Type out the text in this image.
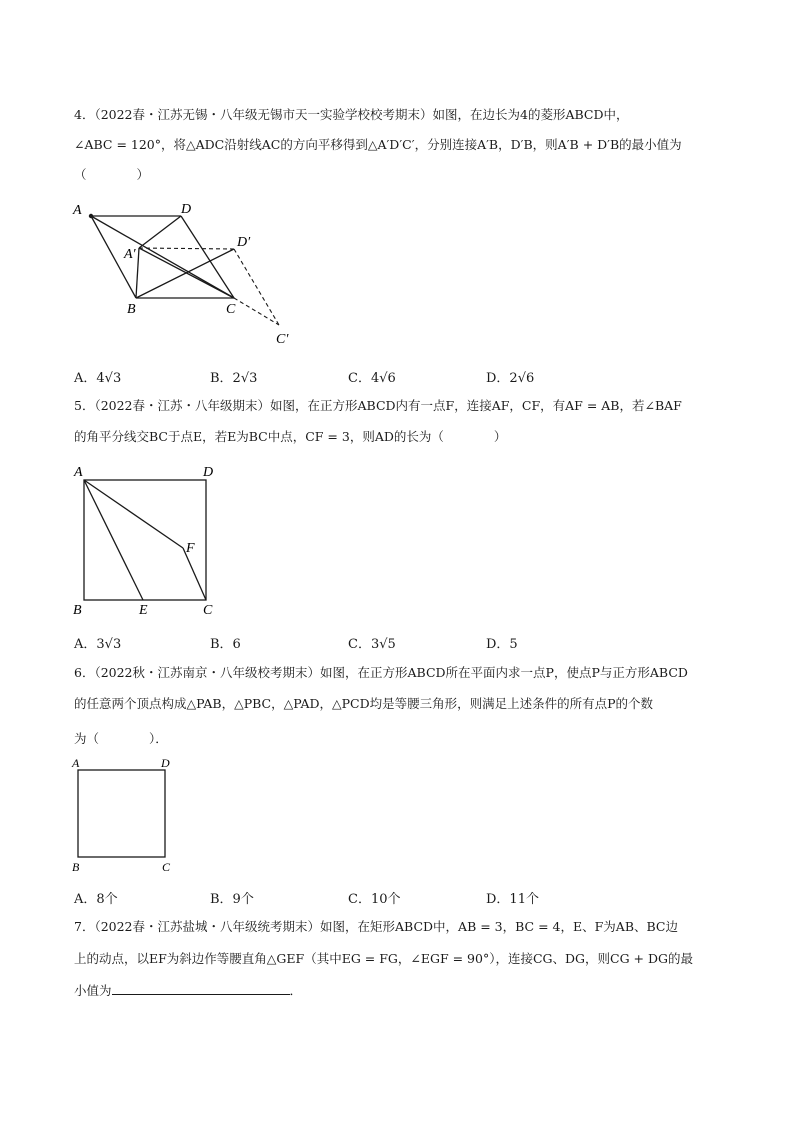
4．（2022春・江苏无锡・八年级无锡市天一实验学校校考期末）如图，在边长为4的菱形ABCD中，
∠ABC = 120°，将△ADC沿射线AC的方向平移得到△A′D′C′，分别连接A′B，D′B，则A′B + D′B的最小值为
（　　　　）
A	D
D′
A′
B	C
C′
A．4√3	B．2√3	C．4√6	D．2√6
5．（2022春・江苏・八年级期末）如图，在正方形ABCD内有一点F，连接AF，CF，有AF = AB，若∠BAF
的角平分线交BC于点E，若E为BC中点，CF = 3，则AD的长为（　　　　）
A	D
F
B	E	C
A．3√3	B．6	C．3√5	D．5
6．（2022秋・江苏南京・八年级校考期末）如图，在正方形ABCD所在平面内求一点P，使点P与正方形ABCD
的任意两个顶点构成△PAB，△PBC，△PAD，△PCD均是等腰三角形，则满足上述条件的所有点P的个数
为（　　　　）．
A	D
B	C
A．8个	B．9个	C．10个	D．11个
7．（2022春・江苏盐城・八年级统考期末）如图，在矩形ABCD中，AB = 3，BC = 4，E、F为AB、BC边
上的动点，以EF为斜边作等腰直角△GEF（其中EG = FG，∠EGF = 90°），连接CG、DG，则CG + DG的最
小值为	．
